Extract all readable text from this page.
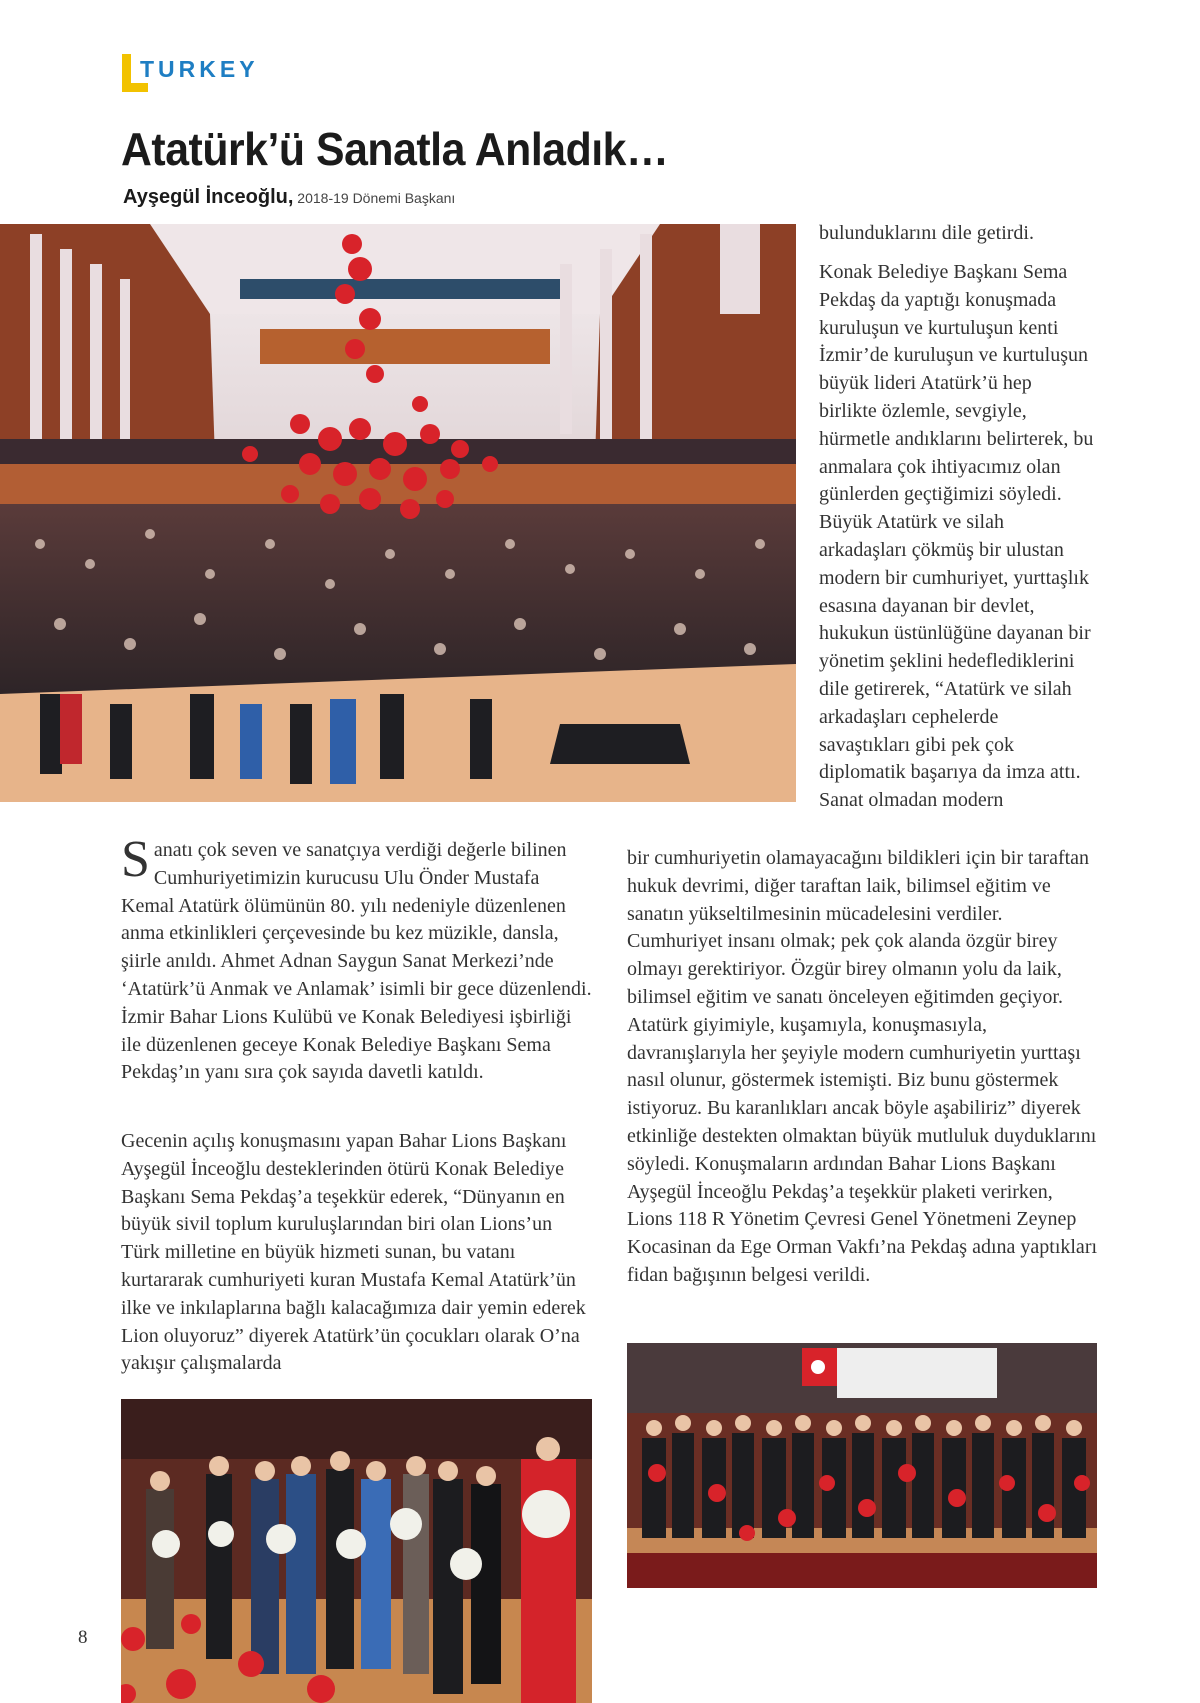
TURKEY
Atatürk’ü Sanatla Anladık…
Ayşegül İnceoğlu, 2018-19 Dönemi Başkanı

Sanatı çok seven ve sanatçıya verdiği değerle bilinen Cumhuriyetimizin kurucusu Ulu Önder Mustafa Kemal Atatürk ölümünün 80. yılı nedeniyle düzenlenen anma etkinlikleri çerçevesinde bu kez müzikle, dansla, şiirle anıldı. Ahmet Adnan Saygun Sanat Merkezi’nde ‘Atatürk’ü Anmak ve Anlamak’ isimli bir gece düzenlendi. İzmir Bahar Lions Kulübü ve Konak Belediyesi işbirliği ile düzenlenen geceye Konak Belediye Başkanı Sema Pekdaş’ın yanı sıra çok sayıda davetli katıldı.

Gecenin açılış konuşmasını yapan Bahar Lions Başkanı Ayşegül İnceoğlu desteklerinden ötürü Konak Belediye Başkanı Sema Pekdaş’a teşekkür ederek, “Dünyanın en büyük sivil toplum kuruluşlarından biri olan Lions’un Türk milletine en büyük hizmeti sunan, bu vatanı kurtararak cumhuriyeti kuran Mustafa Kemal Atatürk’ün ilke ve inkılaplarına bağlı kalacağımıza dair yemin ederek Lion oluyoruz” diyerek Atatürk’ün çocukları olarak O’na yakışır çalışmalarda

bulunduklarını dile getirdi.

Konak Belediye Başkanı Sema Pekdaş da yaptığı konuşmada kuruluşun ve kurtuluşun kenti İzmir’de kuruluşun ve kurtuluşun büyük lideri Atatürk’ü hep birlikte özlemle, sevgiyle, hürmetle andıklarını belirterek, bu anmalara çok ihtiyacımız olan günlerden geçtiğimizi söyledi. Büyük Atatürk ve silah arkadaşları çökmüş bir ulustan modern bir cumhuriyet, yurttaşlık esasına dayanan bir devlet, hukukun üstünlüğüne dayanan bir yönetim şeklini hedeflediklerini dile getirerek, “Atatürk ve silah arkadaşları cephelerde savaştıkları gibi pek çok diplomatik başarıya da imza attı. Sanat olmadan modern

bir cumhuriyetin olamayacağını bildikleri için bir taraftan hukuk devrimi, diğer taraftan laik, bilimsel eğitim ve sanatın yükseltilmesinin mücadelesini verdiler. Cumhuriyet insanı olmak; pek çok alanda özgür birey olmayı gerektiriyor. Özgür birey olmanın yolu da laik, bilimsel eğitim ve sanatı önceleyen eğitimden geçiyor. Atatürk giyimiyle, kuşamıyla, konuşmasıyla, davranışlarıyla her şeyiyle modern cumhuriyetin yurttaşı nasıl olunur, göstermek istemişti. Biz bunu göstermek istiyoruz. Bu karanlıkları ancak böyle aşabiliriz” diyerek etkinliğe destekten olmaktan büyük mutluluk duyduklarını söyledi. Konuşmaların ardından Bahar Lions Başkanı Ayşegül İnceoğlu Pekdaş’a teşekkür plaketi verirken, Lions 118 R Yönetim Çevresi Genel Yönetmeni Zeynep Kocasinan da Ege Orman Vakfı’na Pekdaş adına yaptıkları fidan bağışının belgesi verildi.

8
